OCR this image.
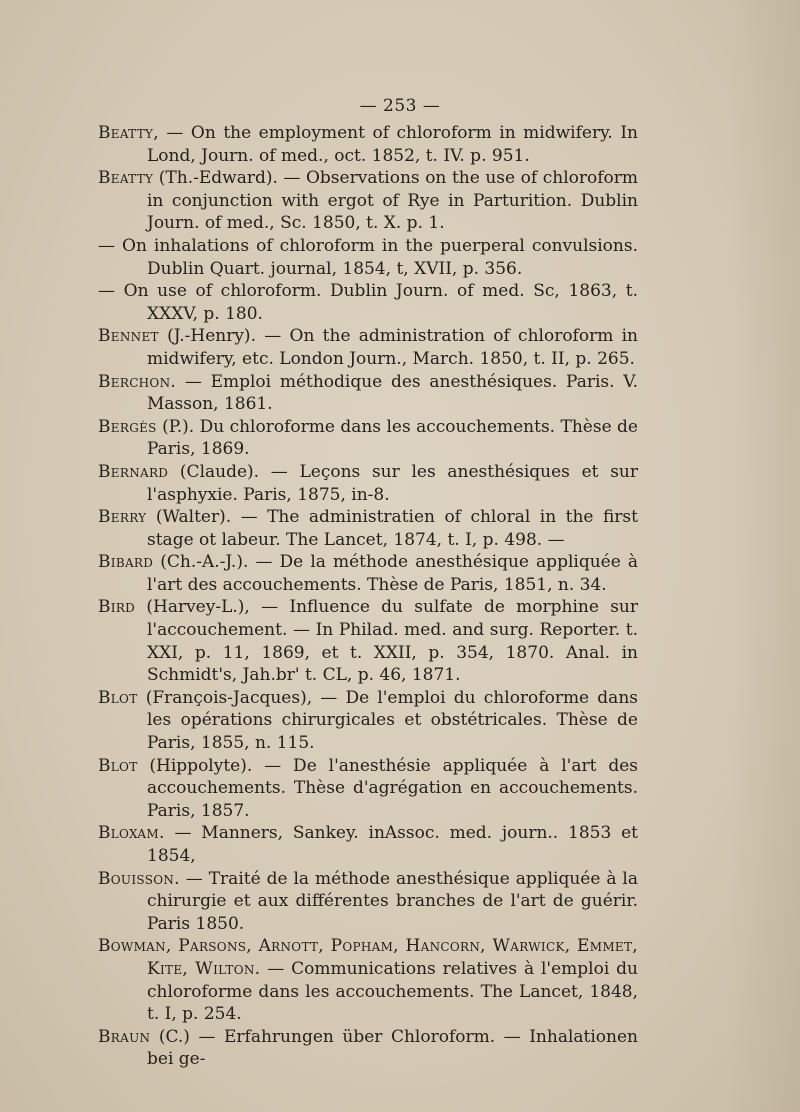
— 253 —

Beatty, — On the employment of chloroform in midwifery. In Lond, Journ. of med., oct. 1852, t. IV. p. 951.

Beatty (Th.-Edward). — Observations on the use of chloroform in conjunction with ergot of Rye in Parturition. Dublin Journ. of med., Sc. 1850, t. X. p. 1.

— On inhalations of chloroform in the puerperal convulsions. Dublin Quart. journal, 1854, t, XVII, p. 356.

— On use of chloroform. Dublin Journ. of med. Sc, 1863, t. XXXV, p. 180.

Bennet (J.-Henry). — On the administration of chloroform in midwifery, etc. London Journ., March. 1850, t. II, p. 265.

Berchon. — Emploi méthodique des anesthésiques. Paris. V. Masson, 1861.

Bergès (P.). Du chloroforme dans les accouchements. Thèse de Paris, 1869.

Bernard (Claude). — Leçons sur les anesthésiques et sur l'asphyxie. Paris, 1875, in-8.

Berry (Walter). — The administratien of chloral in the first stage ot labeur. The Lancet, 1874, t. I, p. 498. —

Bibard (Ch.-A.-J.). — De la méthode anesthésique appliquée à l'art des accouchements. Thèse de Paris, 1851, n. 34.

Bird (Harvey-L.), — Influence du sulfate de morphine sur l'accouchement. — In Philad. med. and surg. Reporter. t. XXI, p. 11, 1869, et t. XXII, p. 354, 1870. Anal. in Schmidt's, Jah.br' t. CL, p. 46, 1871.

Blot (François-Jacques), — De l'emploi du chloroforme dans les opérations chirurgicales et obstétricales. Thèse de Paris, 1855, n. 115.

Blot (Hippolyte). — De l'anesthésie appliquée à l'art des accouchements. Thèse d'agrégation en accouchements. Paris, 1857.

Bloxam. — Manners, Sankey. inAssoc. med. journ.. 1853 et 1854,

Bouisson. — Traité de la méthode anesthésique appliquée à la chirurgie et aux différentes branches de l'art de guérir. Paris 1850.

Bowman, Parsons, Arnott, Popham, Hancorn, Warwick, Emmet, Kite, Wilton. — Communications relatives à l'emploi du chloroforme dans les accouchements. The Lancet, 1848, t. I, p. 254.

Braun (C.) — Erfahrungen über Chloroform. — Inhalationen bei ge-
